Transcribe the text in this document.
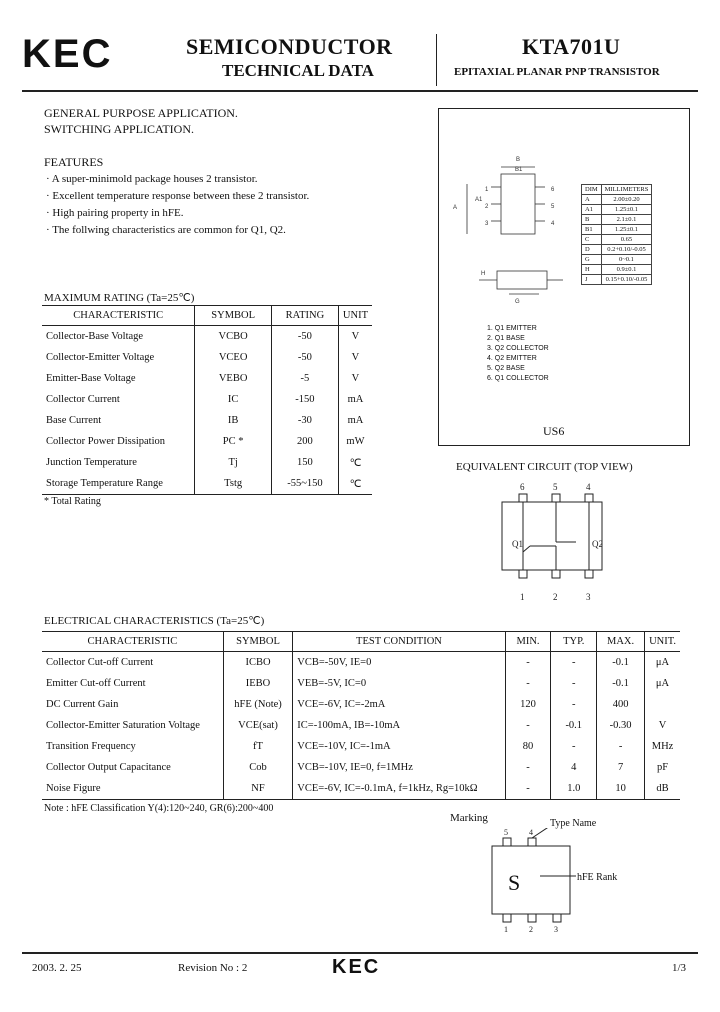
KEC	SEMICONDUCTOR
TECHNICAL DATA
KTA701U
EPITAXIAL PLANAR PNP TRANSISTOR
GENERAL PURPOSE APPLICATION.
SWITCHING APPLICATION.
FEATURES
· A super-minimold package houses 2 transistor.
· Excellent temperature response between these 2 transistor.
· High pairing property in hFE.
· The follwing characteristics are common for Q1, Q2.
B
B1
1
2
3
6
5
4
A
A1
G
H
DIM	MILLIMETERS
A	2.00±0.20
A1	1.25±0.1
B	2.1±0.1
B1	1.25±0.1
C	0.65
D	0.2+0.10/-0.05
G	0~0.1
H	0.9±0.1
J	0.15+0.10/-0.05
1. Q1 EMITTER
2. Q1 BASE
3. Q2 COLLECTOR
4. Q2 EMITTER
5. Q2 BASE
6. Q1 COLLECTOR
US6
MAXIMUM RATING (Ta=25℃)
CHARACTERISTIC	SYMBOL	RATING	UNIT
Collector-Base Voltage	VCBO	-50	V
Collector-Emitter Voltage	VCEO	-50	V
Emitter-Base Voltage	VEBO	-5	V
Collector Current	IC	-150	mA
Base Current	IB	-30	mA
Collector Power Dissipation	PC *	200	mW
Junction Temperature	Tj	150	℃
Storage Temperature Range	Tstg	-55~150	℃
* Total Rating
EQUIVALENT CIRCUIT (TOP VIEW)
6	5	4
1	2	3
Q1	Q2
ELECTRICAL CHARACTERISTICS (Ta=25℃)
CHARACTERISTIC	SYMBOL	TEST CONDITION	MIN.	TYP.	MAX.	UNIT.
Collector Cut-off Current	ICBO	VCB=-50V, IE=0	-	-	-0.1	μA
Emitter Cut-off Current	IEBO	VEB=-5V, IC=0	-	-	-0.1	μA
DC Current Gain	hFE (Note)	VCE=-6V, IC=-2mA	120	-	400	
Collector-Emitter Saturation Voltage	VCE(sat)	IC=-100mA, IB=-10mA	-	-0.1	-0.30	V
Transition Frequency	fT	VCE=-10V, IC=-1mA	80	-	-	MHz
Collector Output Capacitance	Cob	VCB=-10V, IE=0, f=1MHz	-	4	7	pF
Noise Figure	NF	VCE=-6V, IC=-0.1mA, f=1kHz, Rg=10kΩ	-	1.0	10	dB
Note : hFE Classification Y(4):120~240, GR(6):200~400
Marking	Type Name
hFE Rank
S
5	4
1	2	3
2003. 2. 25	Revision No : 2	KEC	1/3
